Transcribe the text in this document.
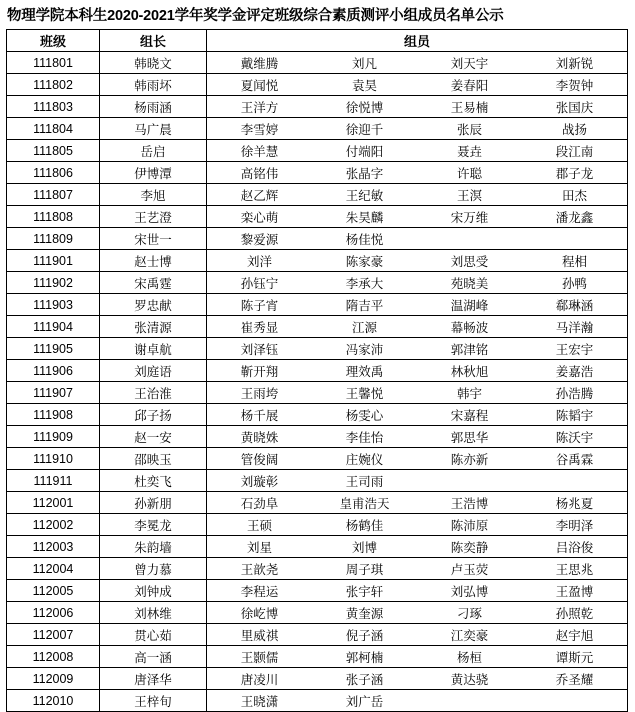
物理学院本科生2020-2021学年奖学金评定班级综合素质测评小组成员名单公示
班级	组长	组员
111801	韩晓文		戴维腾	刘凡	刘天宇	刘新锐

111802	韩雨坏		夏闻悦	袁昊	姜春阳	李贺钟

111803	杨雨涵		王洋方	徐悦博	王易楠	张国庆

111804	马广晨		李雪婷	徐迎千	张辰	战扬

111805	岳启		徐羊慧	付端阳	聂垚	段江南

111806	伊博潭		高铭伟	张晶字	许聪	郡子龙

111807	李旭		赵乙辉	王纪敏	王溟	田杰

111808	王艺澄		栾心萌	朱昊麟	宋万维	潘龙鑫

111809	宋世一		黎爱源	杨佳悦		

111901	赵士博		刘洋	陈家豪	刘思受	程相

111902	宋禹霆		孙钰宁	李承大	苑晓美	孙鸭

111903	罗忠献		陈子宵	隋吉平	温湖峰	郗琳涵

111904	张清源		崔秀显	江源	幕畅波	马洋瀚

111905	谢卓航		刘泽钰	冯家沛	郭津铭	王宏宇

111906	刘庭语		靳开翔	理效禹	林秋旭	姜嘉浩

111907	王治淮		王雨垮	王馨悦	韩宇	孙浩腾

111908	邱子扬		杨千展	杨雯心	宋嘉程	陈韬宇

111909	赵一安		黄晓姝	李佳怡	郭思华	陈沃宇

111910	邵映玉		管俊阔	庄婉仪	陈亦新	谷禹霖

111911	杜奕飞		刘璇彰	王司雨		

112001	孙新朋		石劲阜	皇甫浩天	王浩博	杨兆夏

112002	李冕龙		王硕	杨鹤佳	陈沛原	李明泽

112003	朱韵墙		刘星	刘博	陈奕静	吕浴俊

112004	曾力慕		王歆尧	周子琪	卢玉荧	王思兆

112005	刘钟成		李程运	张宇轩	刘弘博	王盈博

112006	刘林维		徐屹博	黄奎源	刁琢	孙照乾

112007	贯心茹		里威祺	倪子涵	江奕豪	赵宇旭

112008	高一涵		王颢儒	郭柯楠	杨桓	谭斯元

112009	唐泽华		唐凌川	张子涵	黄达骁	乔圣耀

112010	王梓旬		王晓潇	刘广岳		
